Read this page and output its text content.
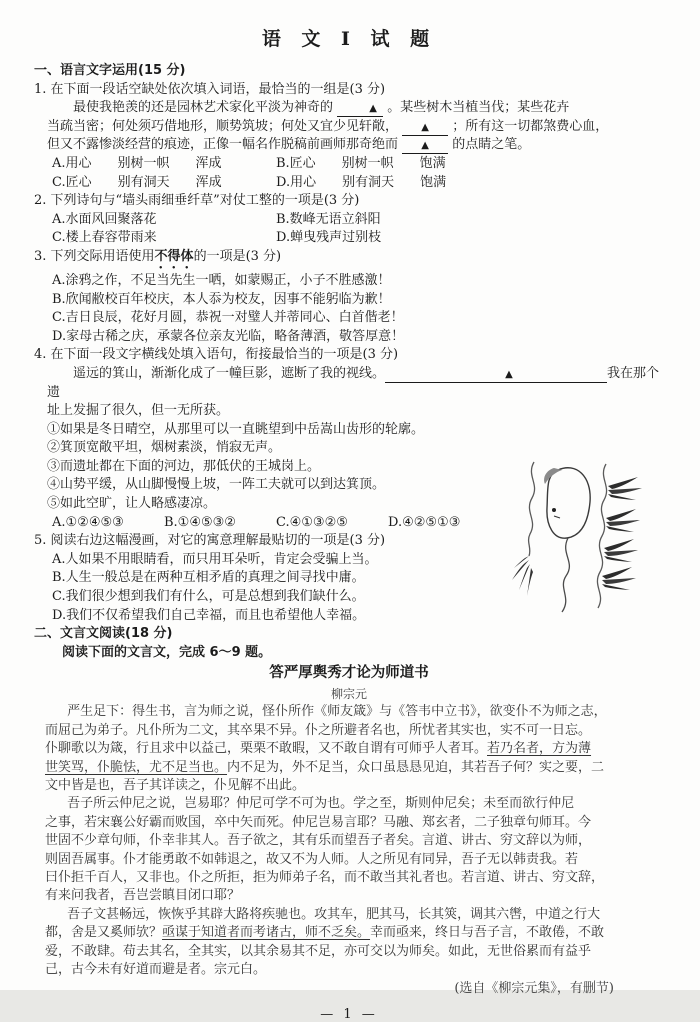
语 文 Ⅰ 试 题
一、语言文字运用(15 分)
1. 在下面一段话空缺处依次填入词语，最恰当的一组是(3 分)
最使我艳羡的还是园林艺术家化平淡为神奇的	▲ 。某些树木当植当伐；某些花卉
当疏当密；何处须巧借地形，顺势筑坡；何处又宜少见轩敞， ▲ ；所有这一切都煞费心血，
但又不露惨淡经营的痕迹，正像一幅名作脱稿前画师那奇绝而 ▲ 的点睛之笔。
A.用心　　别树一帜　　浑成	B.匠心　　别树一帜　　饱满
C.匠心　　别有洞天　　浑成	D.用心　　别有洞天　　饱满
2. 下列诗句与“墙头雨细垂纤草”对仗工整的一项是(3 分)
A.水面风回聚落花	B.数峰无语立斜阳
C.楼上春容带雨来	D.蝉曳残声过别枝
3. 下列交际用语使用不得体的一项是(3 分)
A.涂鸦之作，不足当先生一哂，如蒙赐正，小子不胜感激！
B.欣闻敝校百年校庆，本人忝为校友，因事不能躬临为歉！
C.吉日良辰，花好月圆，恭祝一对璧人并蒂同心、白首偕老！
D.家母古稀之庆，承蒙各位亲友光临，略备薄酒，敬答厚意！
4. 在下面一段文字横线处填入语句，衔接最恰当的一项是(3 分)
遥远的箕山，渐渐化成了一幢巨影，遮断了我的视线。	▲	我在那个遗
址上发掘了很久，但一无所获。
①如果是冬日晴空，从那里可以一直眺望到中岳嵩山齿形的轮廓。
②箕顶宽敞平坦，烟树素淡，悄寂无声。
③而遗址都在下面的河边，那低伏的王城岗上。
④山势平缓，从山脚慢慢上坡，一阵工夫就可以到达箕顶。
⑤如此空旷，让人略感凄凉。
A.①②④⑤③	B.①④⑤③②	C.④①③②⑤	D.④②⑤①③
5. 阅读右边这幅漫画，对它的寓意理解最贴切的一项是(3 分)
A.人如果不用眼睛看，而只用耳朵听，肯定会受骗上当。
B.人生一般总是在两种互相矛盾的真理之间寻找中庸。
C.我们很少想到我们有什么，可是总想到我们缺什么。
D.我们不仅希望我们自己幸福，而且也希望他人幸福。
二、文言文阅读(18 分)
阅读下面的文言文，完成 6～9 题。
答严厚舆秀才论为师道书
柳宗元
严生足下：得生书，言为师之说，怪仆所作《师友箴》与《答韦中立书》，欲变仆不为师之志，
而屈己为弟子。凡仆所为二文，其卒果不异。仆之所避者名也，所忧者其实也，实不可一日忘。
仆聊歌以为箴，行且求中以益己，栗栗不敢暇，又不敢自谓有可师乎人者耳。若乃名者，方为薄
世笑骂，仆脆怯，尤不足当也。内不足为，外不足当，众口虽恳恳见迫，其若吾子何？实之要，二
文中皆是也，吾子其详读之，仆见解不出此。
吾子所云仲尼之说，岂易耶？仲尼可学不可为也。学之至，斯则仲尼矣；未至而欲行仲尼
之事，若宋襄公好霸而败国，卒中矢而死。仲尼岂易言耶？马融、郑玄者，二子独章句师耳。今
世固不少章句师，仆幸非其人。吾子欲之，其有乐而望吾子者矣。言道、讲古、穷文辞以为师，
则固吾属事。仆才能勇敢不如韩退之，故又不为人师。人之所见有同异，吾子无以韩责我。若
曰仆拒千百人，又非也。仆之所拒，拒为师弟子名，而不敢当其礼者也。若言道、讲古、穷文辞，
有来问我者，吾岂尝瞋目闭口耶？
吾子文甚畅远，恢恢乎其辟大路将疾驰也。攻其车，肥其马，长其筴，调其六辔，中道之行大
都，舍是又奚师欤？亟谋于知道者而考诸古，师不乏矣。幸而亟来，终日与吾子言，不敢倦，不敢
爱，不敢肆。苟去其名，全其实，以其余易其不足，亦可交以为师矣。如此，无世俗累而有益乎
己，古今未有好道而避是者。宗元白。
(选自《柳宗元集》，有删节)
— 1 —
